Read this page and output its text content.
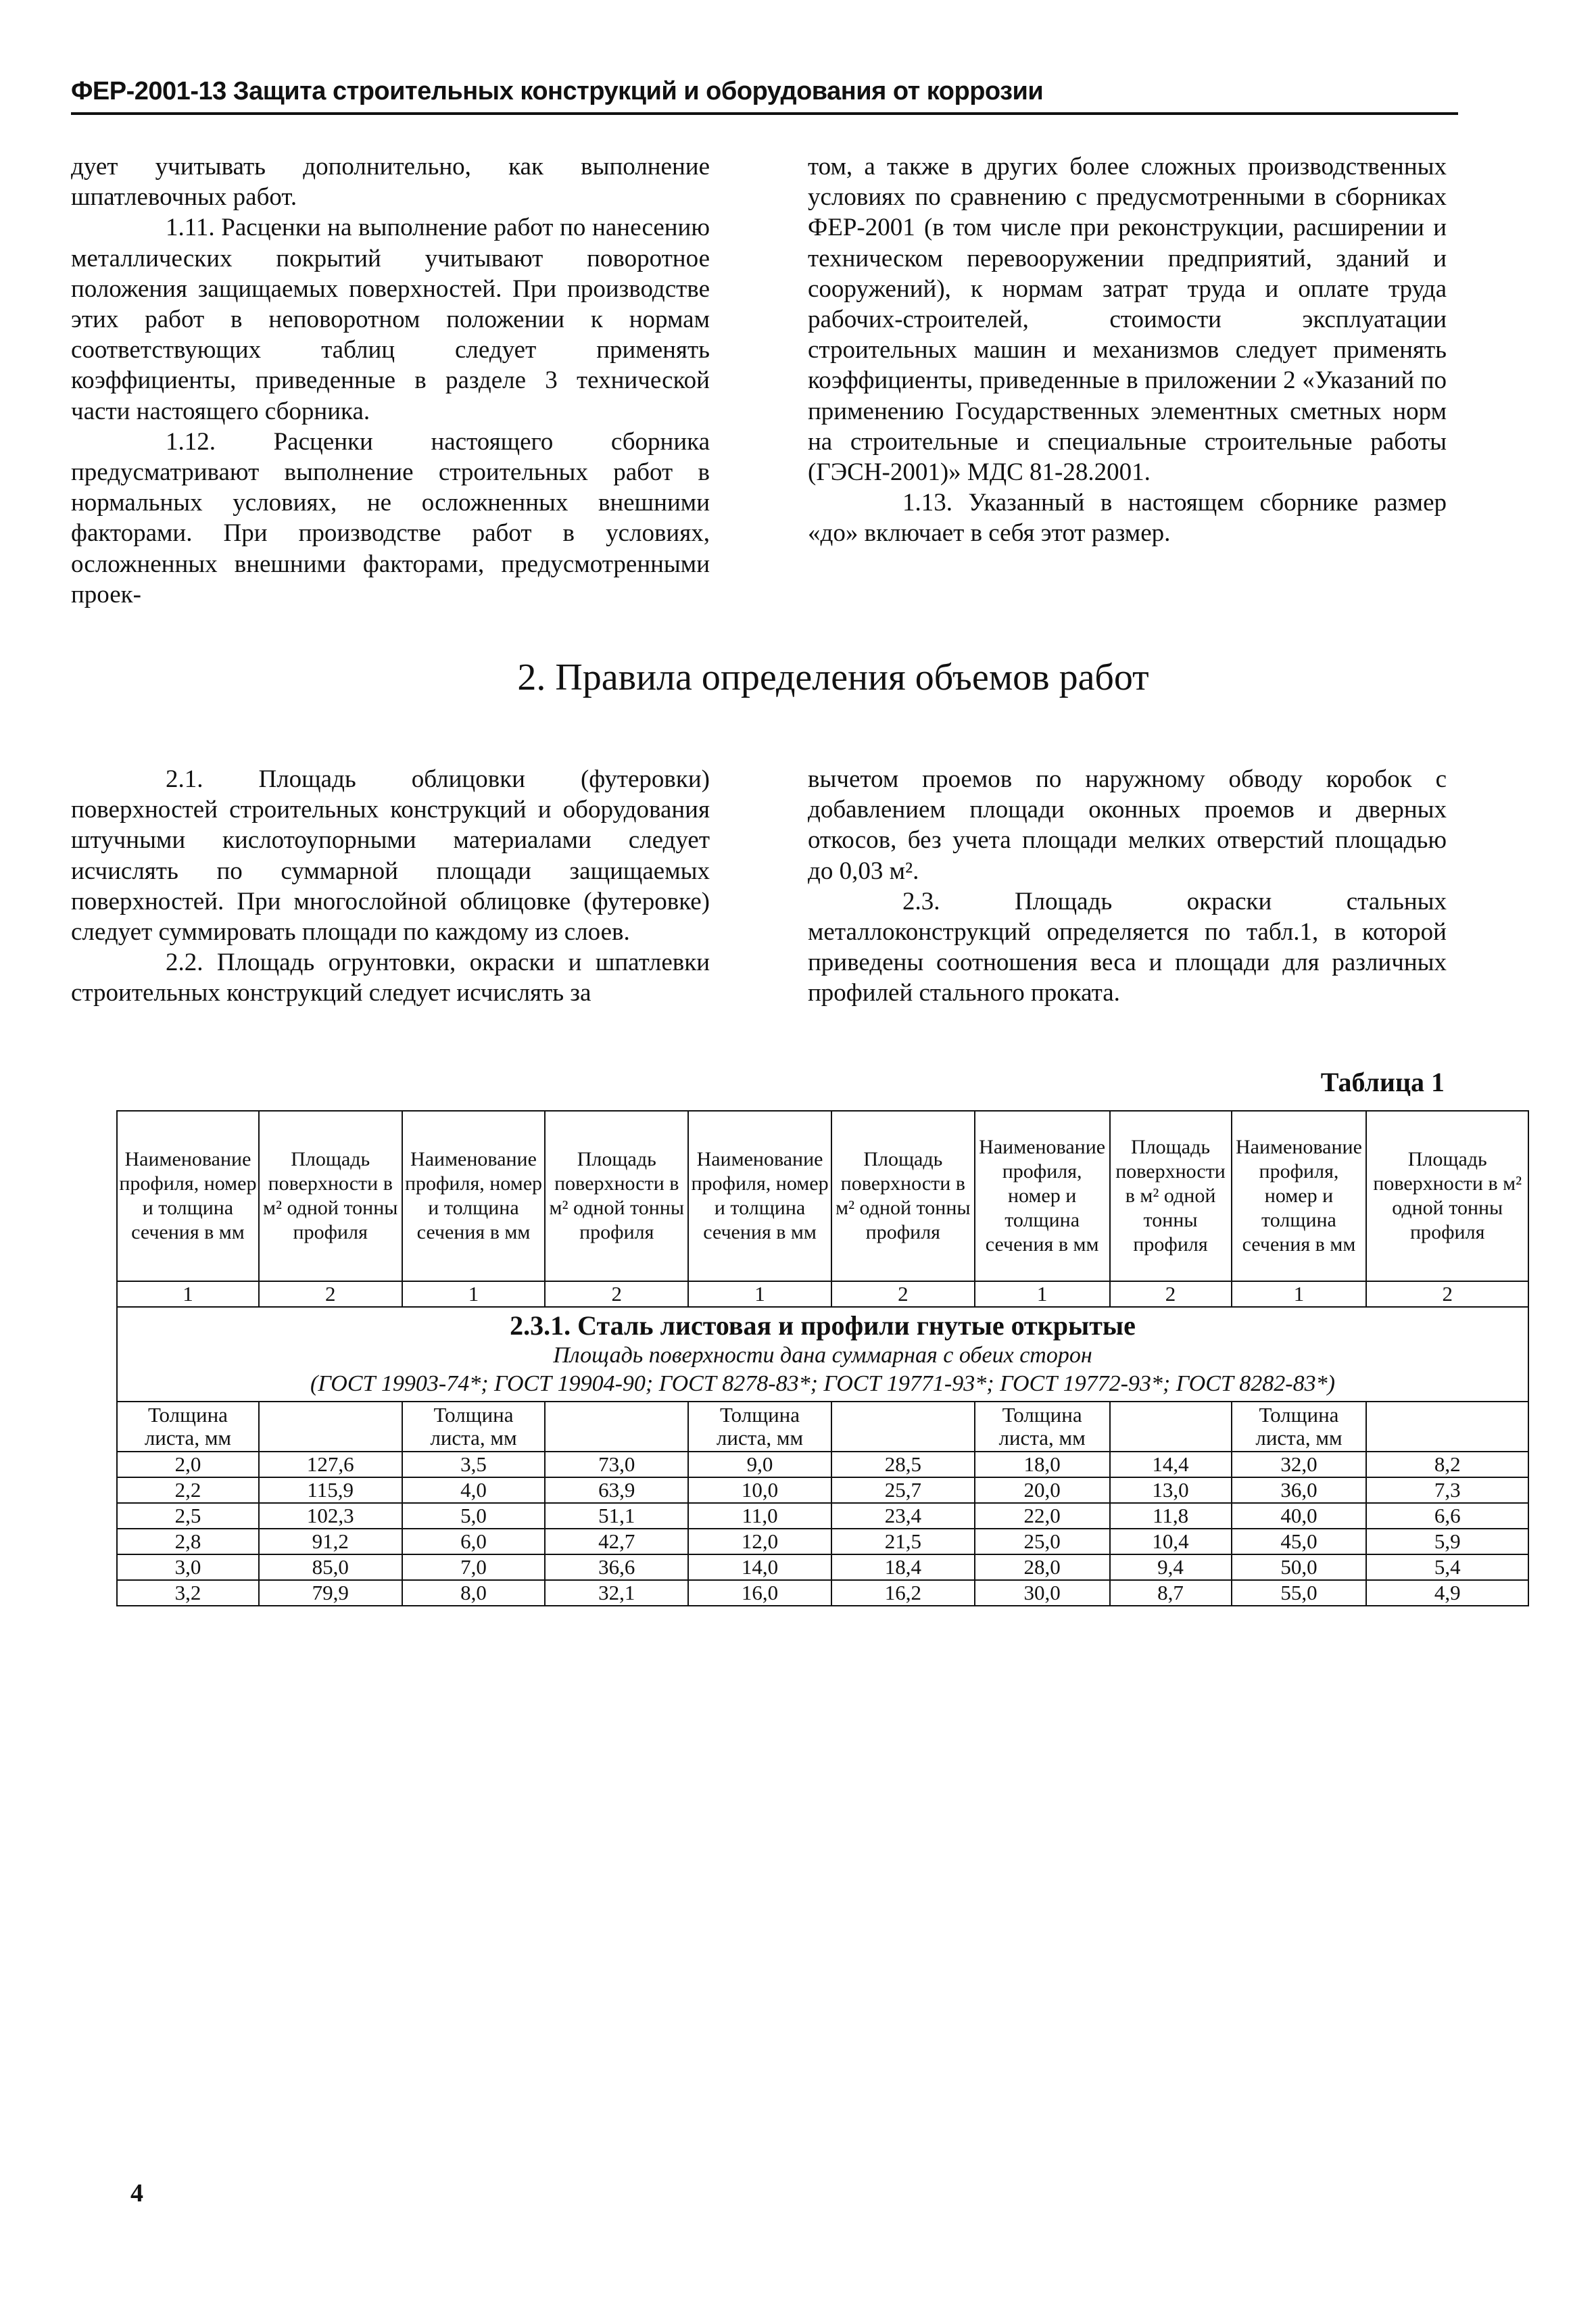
ФЕР-2001-13 Защита строительных конструкций и оборудования от коррозии

дует учитывать дополнительно, как выполнение шпатлевочных работ.

1.11. Расценки на выполнение работ по нанесению металлических покрытий учитывают поворотное положения защищаемых поверхностей. При производстве этих работ в неповоротном положении к нормам соответствующих таблиц следует применять коэффициенты, приведенные в разделе 3 технической части настоящего сборника.

1.12. Расценки настоящего сборника предусматривают выполнение строительных работ в нормальных условиях, не осложненных внешними факторами. При производстве работ в условиях, осложненных внешними факторами, предусмотренными проек-

том, а также в других более сложных производственных условиях по сравнению с предусмотренными в сборниках ФЕР-2001 (в том числе при реконструкции, расширении и техническом перевооружении предприятий, зданий и сооружений), к нормам затрат труда и оплате труда рабочих-строителей, стоимости эксплуатации строительных машин и механизмов следует применять коэффициенты, приведенные в приложении 2 «Указаний по применению Государственных элементных сметных норм на строительные и специальные строительные работы (ГЭСН-2001)» МДС 81-28.2001.

1.13. Указанный в настоящем сборнике размер «до» включает в себя этот размер.

2. Правила определения объемов работ

2.1. Площадь облицовки (футеровки) поверхностей строительных конструкций и оборудования штучными кислотоупорными материалами следует исчислять по суммарной площади защищаемых поверхностей. При многослойной облицовке (футеровке) следует суммировать площади по каждому из слоев.

2.2. Площадь огрунтовки, окраски и шпатлевки строительных конструкций следует исчислять за

вычетом проемов по наружному обводу коробок с добавлением площади оконных проемов и дверных откосов, без учета площади мелких отверстий площадью до 0,03 м².

2.3. Площадь окраски стальных металлоконструкций определяется по табл.1, в которой приведены соотношения веса и площади для различных профилей стального проката.

Таблица 1
Наименование профиля, номер и толщина сечения в мм	Площадь поверхности в м² одной тонны профиля	Наименование профиля, номер и толщина сечения в мм	Площадь поверхности в м² одной тонны профиля	Наименование профиля, номер и толщина сечения в мм	Площадь поверхности в м² одной тонны профиля	Наименование профиля, номер и толщина сечения в мм	Площадь поверхности в м² одной тонны профиля	Наименование профиля, номер и толщина сечения в мм	Площадь поверхности в м² одной тонны профиля
1	2	1	2	1	2	1	2	1	2

2.3.1. Сталь листовая и профили гнутые открытые
Площадь поверхности дана суммарная с обеих сторон
(ГОСТ 19903-74*; ГОСТ 19904-90; ГОСТ 8278-83*; ГОСТ 19771-93*; ГОСТ 19772-93*; ГОСТ 8282-83*)									

Толщина листа, мм		Толщина листа, мм		Толщина листа, мм		Толщина листа, мм		Толщина листа, мм	
2,0	127,6	3,5	73,0	9,0	28,5	18,0	14,4	32,0	8,2
2,2	115,9	4,0	63,9	10,0	25,7	20,0	13,0	36,0	7,3
2,5	102,3	5,0	51,1	11,0	23,4	22,0	11,8	40,0	6,6
2,8	91,2	6,0	42,7	12,0	21,5	25,0	10,4	45,0	5,9
3,0	85,0	7,0	36,6	14,0	18,4	28,0	9,4	50,0	5,4
3,2	79,9	8,0	32,1	16,0	16,2	30,0	8,7	55,0	4,9
4
